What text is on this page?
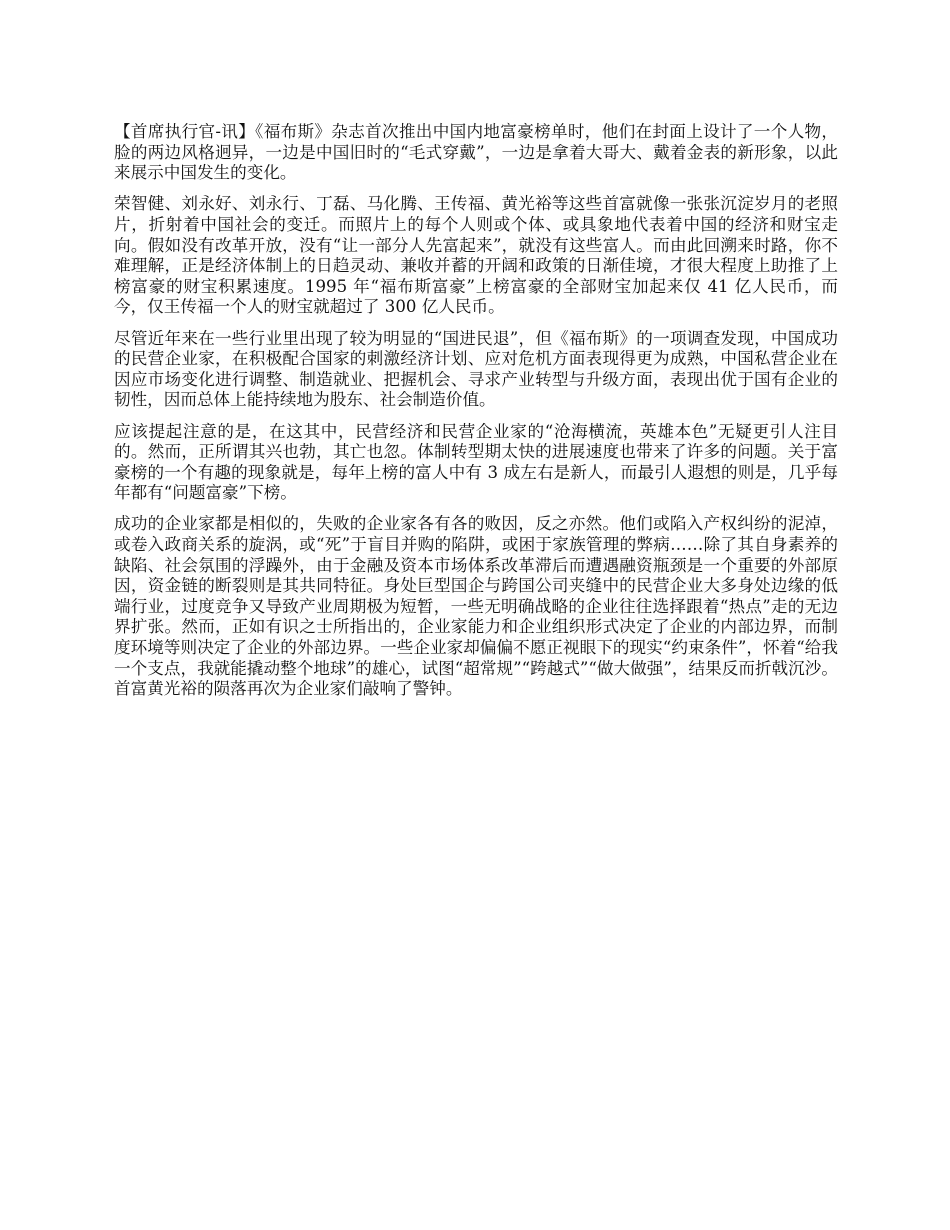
【首席执行官-讯】《福布斯》杂志首次推出中国内地富豪榜单时，他们在封面上设计了一个人物，脸的两边风格迥异，一边是中国旧时的“毛式穿戴”，一边是拿着大哥大、戴着金表的新形象，以此来展示中国发生的变化。

荣智健、刘永好、刘永行、丁磊、马化腾、王传福、黄光裕等这些首富就像一张张沉淀岁月的老照片，折射着中国社会的变迁。而照片上的每个人则或个体、或具象地代表着中国的经济和财宝走向。假如没有改革开放，没有“让一部分人先富起来”，就没有这些富人。而由此回溯来时路，你不难理解，正是经济体制上的日趋灵动、兼收并蓄的开阔和政策的日渐佳境，才很大程度上助推了上榜富豪的财宝积累速度。1995 年“福布斯富豪”上榜富豪的全部财宝加起来仅 41 亿人民币，而今，仅王传福一个人的财宝就超过了 300 亿人民币。

尽管近年来在一些行业里出现了较为明显的“国进民退”，但《福布斯》的一项调查发现，中国成功的民营企业家，在积极配合国家的刺激经济计划、应对危机方面表现得更为成熟，中国私营企业在因应市场变化进行调整、制造就业、把握机会、寻求产业转型与升级方面，表现出优于国有企业的韧性，因而总体上能持续地为股东、社会制造价值。

应该提起注意的是，在这其中，民营经济和民营企业家的“沧海横流，英雄本色”无疑更引人注目的。然而，正所谓其兴也勃，其亡也忽。体制转型期太快的进展速度也带来了许多的问题。关于富豪榜的一个有趣的现象就是，每年上榜的富人中有 3 成左右是新人，而最引人遐想的则是，几乎每年都有“问题富豪”下榜。

成功的企业家都是相似的，失败的企业家各有各的败因，反之亦然。他们或陷入产权纠纷的泥淖，或卷入政商关系的旋涡，或“死”于盲目并购的陷阱，或困于家族管理的弊病……除了其自身素养的缺陷、社会氛围的浮躁外，由于金融及资本市场体系改革滞后而遭遇融资瓶颈是一个重要的外部原因，资金链的断裂则是其共同特征。身处巨型国企与跨国公司夹缝中的民营企业大多身处边缘的低端行业，过度竞争又导致产业周期极为短暂，一些无明确战略的企业往往选择跟着“热点”走的无边界扩张。然而，正如有识之士所指出的，企业家能力和企业组织形式决定了企业的内部边界，而制度环境等则决定了企业的外部边界。一些企业家却偏偏不愿正视眼下的现实“约束条件”，怀着“给我一个支点，我就能撬动整个地球”的雄心，试图“超常规”“跨越式”“做大做强”，结果反而折戟沉沙。首富黄光裕的陨落再次为企业家们敲响了警钟。
